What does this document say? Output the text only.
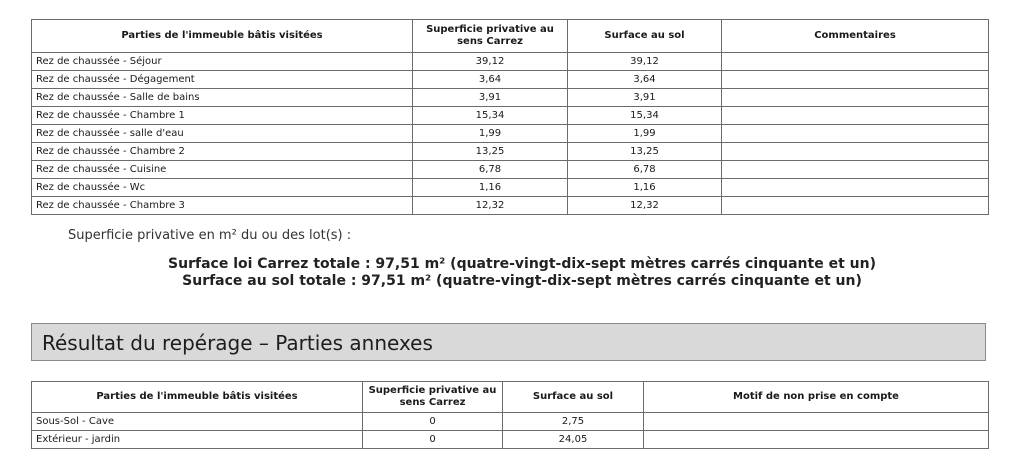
Parties de l'immeuble bâtis visitées	Superficie privative au sens Carrez	Surface au sol	Commentaires
Rez de chaussée - Séjour	39,12	39,12	
Rez de chaussée - Dégagement	3,64	3,64	
Rez de chaussée - Salle de bains	3,91	3,91	
Rez de chaussée - Chambre 1	15,34	15,34	
Rez de chaussée - salle d'eau	1,99	1,99	
Rez de chaussée - Chambre 2	13,25	13,25	
Rez de chaussée - Cuisine	6,78	6,78	
Rez de chaussée - Wc	1,16	1,16	
Rez de chaussée - Chambre 3	12,32	12,32	
Superficie privative en m² du ou des lot(s) :
Surface loi Carrez totale : 97,51 m² (quatre-vingt-dix-sept mètres carrés cinquante et un)
Surface au sol totale : 97,51 m² (quatre-vingt-dix-sept mètres carrés cinquante et un)
Résultat du repérage – Parties annexes
Parties de l'immeuble bâtis visitées	Superficie privative au sens Carrez	Surface au sol	Motif de non prise en compte
Sous-Sol - Cave	0	2,75	
Extérieur - jardin	0	24,05	
